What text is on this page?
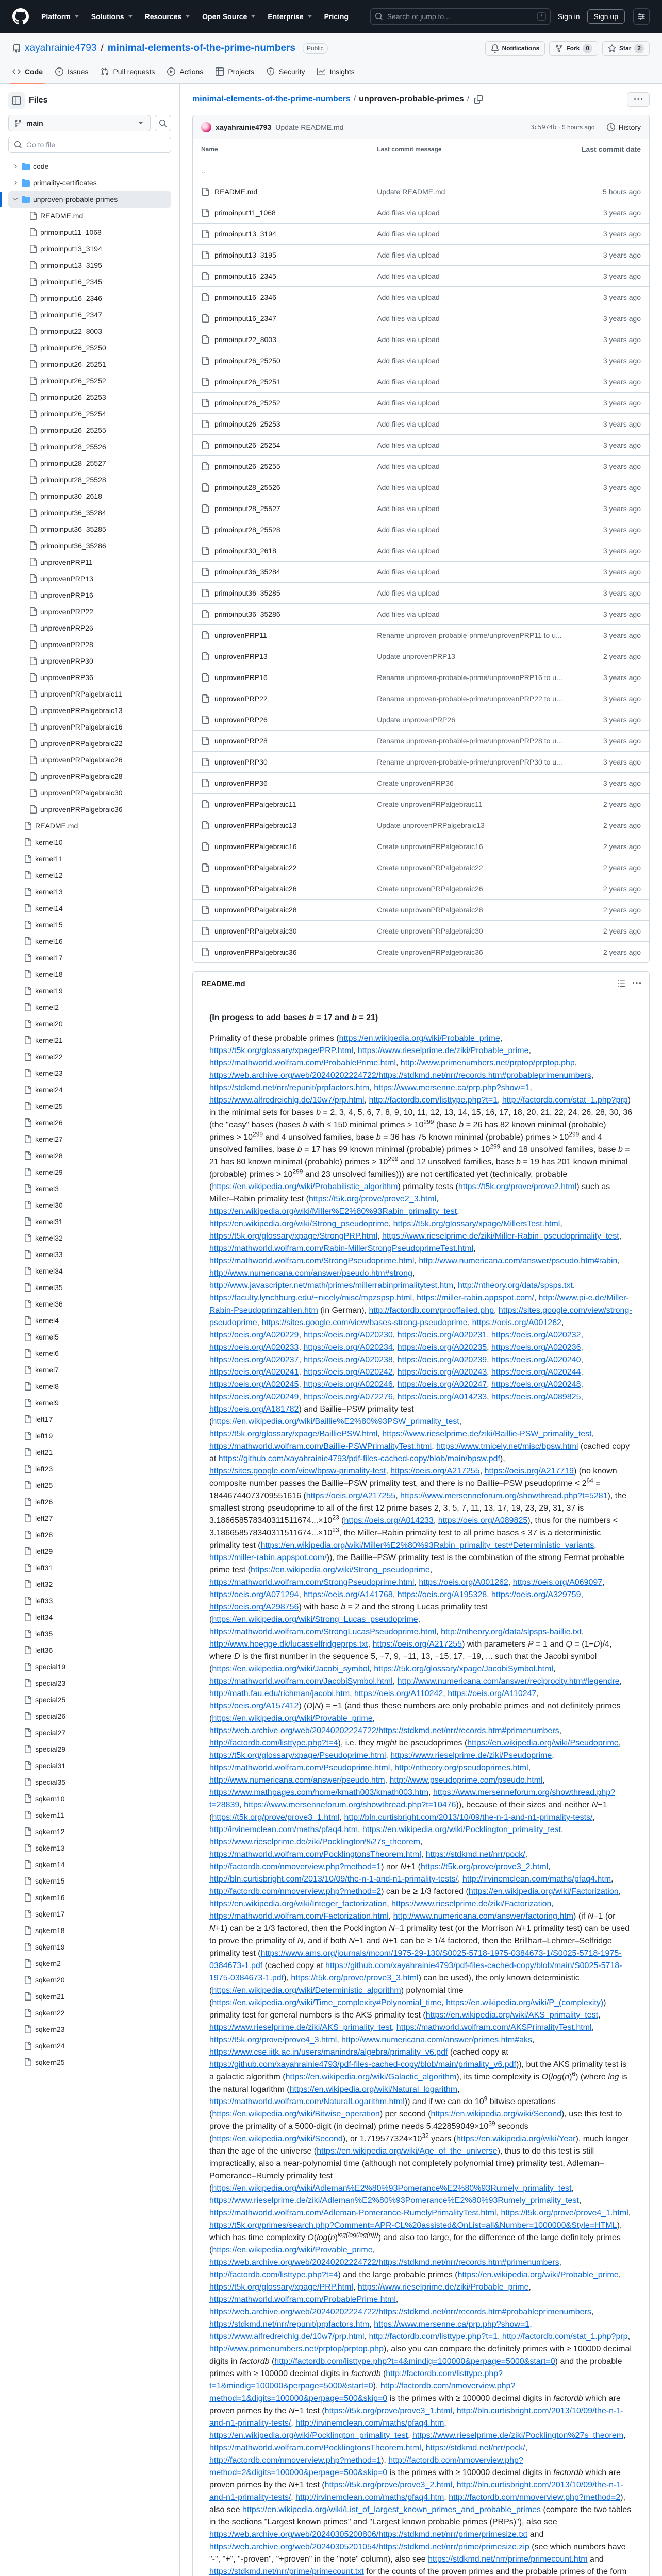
Platform	Solutions	Resources	Open Source	Enterprise	Pricing	Search or jump to...	/	Sign in	Sign up
xayahrainie4793 / minimal-elements-of-the-prime-numbers	Public	Notifications	Fork	0	Star	2
Code	Issues	Pull requests	Actions	Projects	Security	Insights
Files
main
Go to file
code
primality-certificates
unproven-probable-primes
README.md
primoinput11_1068
primoinput13_3194
primoinput13_3195
primoinput16_2345
primoinput16_2346
primoinput16_2347
primoinput22_8003
primoinput26_25250
primoinput26_25251
primoinput26_25252
primoinput26_25253
primoinput26_25254
primoinput26_25255
primoinput28_25526
primoinput28_25527
primoinput28_25528
primoinput30_2618
primoinput36_35284
primoinput36_35285
primoinput36_35286
unprovenPRP11
unprovenPRP13
unprovenPRP16
unprovenPRP22
unprovenPRP26
unprovenPRP28
unprovenPRP30
unprovenPRP36
unprovenPRPalgebraic11
unprovenPRPalgebraic13
unprovenPRPalgebraic16
unprovenPRPalgebraic22
unprovenPRPalgebraic26
unprovenPRPalgebraic28
unprovenPRPalgebraic30
unprovenPRPalgebraic36
README.md
kernel10
kernel11
kernel12
kernel13
kernel14
kernel15
kernel16
kernel17
kernel18
kernel19
kernel2
kernel20
kernel21
kernel22
kernel23
kernel24
kernel25
kernel26
kernel27
kernel28
kernel29
kernel3
kernel30
kernel31
kernel32
kernel33
kernel34
kernel35
kernel36
kernel4
kernel5
kernel6
kernel7
kernel8
kernel9
left17
left19
left21
left23
left25
left26
left27
left28
left29
left31
left32
left33
left34
left35
left36
special19
special23
special25
special26
special27
special29
special31
special35
sqkern10
sqkern11
sqkern12
sqkern13
sqkern14
sqkern15
sqkern16
sqkern17
sqkern18
sqkern19
sqkern2
sqkern20
sqkern21
sqkern22
sqkern23
sqkern24
sqkern25
minimal-elements-of-the-prime-numbers / unproven-probable-primes /
xayahrainie4793 Update README.md	3c5974b · 5 hours ago	History
Name	Last commit message	Last commit date
..
README.md	Update README.md	5 hours ago
primoinput11_1068	Add files via upload	3 years ago
primoinput13_3194	Add files via upload	3 years ago
primoinput13_3195	Add files via upload	3 years ago
primoinput16_2345	Add files via upload	3 years ago
primoinput16_2346	Add files via upload	3 years ago
primoinput16_2347	Add files via upload	3 years ago
primoinput22_8003	Add files via upload	3 years ago
primoinput26_25250	Add files via upload	3 years ago
primoinput26_25251	Add files via upload	3 years ago
primoinput26_25252	Add files via upload	3 years ago
primoinput26_25253	Add files via upload	3 years ago
primoinput26_25254	Add files via upload	3 years ago
primoinput26_25255	Add files via upload	3 years ago
primoinput28_25526	Add files via upload	3 years ago
primoinput28_25527	Add files via upload	3 years ago
primoinput28_25528	Add files via upload	3 years ago
primoinput30_2618	Add files via upload	3 years ago
primoinput36_35284	Add files via upload	3 years ago
primoinput36_35285	Add files via upload	3 years ago
primoinput36_35286	Add files via upload	3 years ago
unprovenPRP11	Rename unproven-probable-prime/unprovenPRP11 to u...	3 years ago
unprovenPRP13	Update unprovenPRP13	2 years ago
unprovenPRP16	Rename unproven-probable-prime/unprovenPRP16 to u...	3 years ago
unprovenPRP22	Rename unproven-probable-prime/unprovenPRP22 to u...	3 years ago
unprovenPRP26	Update unprovenPRP26	3 years ago
unprovenPRP28	Rename unproven-probable-prime/unprovenPRP28 to u...	3 years ago
unprovenPRP30	Rename unproven-probable-prime/unprovenPRP30 to u...	3 years ago
unprovenPRP36	Create unprovenPRP36	3 years ago
unprovenPRPalgebraic11	Create unprovenPRPalgebraic11	2 years ago
unprovenPRPalgebraic13	Update unprovenPRPalgebraic13	2 years ago
unprovenPRPalgebraic16	Create unprovenPRPalgebraic16	2 years ago
unprovenPRPalgebraic22	Create unprovenPRPalgebraic22	2 years ago
unprovenPRPalgebraic26	Create unprovenPRPalgebraic26	2 years ago
unprovenPRPalgebraic28	Create unprovenPRPalgebraic28	2 years ago
unprovenPRPalgebraic30	Create unprovenPRPalgebraic30	2 years ago
unprovenPRPalgebraic36	Create unprovenPRPalgebraic36	2 years ago
README.md

(In progess to add bases b = 17 and b = 21)

Primality of these probable primes (https://en.wikipedia.org/wiki/Probable_prime, https://t5k.org/glossary/xpage/PRP.html, https://www.rieselprime.de/ziki/Probable_prime, https://mathworld.wolfram.com/ProbablePrime.html, http://www.primenumbers.net/prptop/prptop.php, https://web.archive.org/web/20240202224722/https://stdkmd.net/nrr/records.htm#probableprimenumbers, https://stdkmd.net/nrr/repunit/prpfactors.htm, https://www.mersenne.ca/prp.php?show=1, https://www.alfredreichlg.de/10w7/prp.html, http://factordb.com/listtype.php?t=1, http://factordb.com/stat_1.php?prp) in the minimal sets for bases b = 2, 3, 4, 5, 6, 7, 8, 9, 10, 11, 12, 13, 14, 15, 16, 17, 18, 20, 21, 22, 24, 26, 28, 30, 36 (the "easy" bases (bases b with ≤ 150 minimal primes > $10^{299}$ (base b = 26 has 82 known minimal (probable) primes > $10^{299}$ and 4 unsolved families, base b = 36 has 75 known minimal (probable) primes > $10^{299}$ and 4 unsolved families, base b = 17 has 99 known minimal (probable) primes > $10^{299}$ and 18 unsolved families, base b = 21 has 80 known minimal (probable) primes > $10^{299}$ and 12 unsolved families, base b = 19 has 201 known minimal (probable) primes > $10^{299}$ and 23 unsolved families))) are not certificated yet (technically, probable (https://en.wikipedia.org/wiki/Probabilistic_algorithm) primality tests (https://t5k.org/prove/prove2.html) such as Miller–Rabin primality test (https://t5k.org/prove/prove2_3.html, https://en.wikipedia.org/wiki/Miller%E2%80%93Rabin_primality_test, https://en.wikipedia.org/wiki/Strong_pseudoprime, https://t5k.org/glossary/xpage/MillersTest.html, https://t5k.org/glossary/xpage/StrongPRP.html, https://www.rieselprime.de/ziki/Miller-Rabin_pseudoprimality_test, https://mathworld.wolfram.com/Rabin-MillerStrongPseudoprimeTest.html, https://mathworld.wolfram.com/StrongPseudoprime.html, http://www.numericana.com/answer/pseudo.htm#rabin, http://www.numericana.com/answer/pseudo.htm#strong, http://www.javascripter.net/math/primes/millerrabinprimalitytest.htm, http://ntheory.org/data/spsps.txt, https://faculty.lynchburg.edu/~nicely/misc/mpzspsp.html, https://miller-rabin.appspot.com/, http://www.pi-e.de/Miller-Rabin-Pseudoprimzahlen.htm (in German), http://factordb.com/prooffailed.php, https://sites.google.com/view/strong-pseudoprime, https://sites.google.com/view/bases-strong-pseudoprime, https://oeis.org/A001262, https://oeis.org/A020229, https://oeis.org/A020230, https://oeis.org/A020231, https://oeis.org/A020232, https://oeis.org/A020233, https://oeis.org/A020234, https://oeis.org/A020235, https://oeis.org/A020236, https://oeis.org/A020237, https://oeis.org/A020238, https://oeis.org/A020239, https://oeis.org/A020240, https://oeis.org/A020241, https://oeis.org/A020242, https://oeis.org/A020243, https://oeis.org/A020244, https://oeis.org/A020245, https://oeis.org/A020246, https://oeis.org/A020247, https://oeis.org/A020248, https://oeis.org/A020249, https://oeis.org/A072276, https://oeis.org/A014233, https://oeis.org/A089825, https://oeis.org/A181782) and Baillie–PSW primality test (https://en.wikipedia.org/wiki/Baillie%E2%80%93PSW_primality_test, https://t5k.org/glossary/xpage/BailliePSW.html, https://www.rieselprime.de/ziki/Baillie-PSW_primality_test, https://mathworld.wolfram.com/Baillie-PSWPrimalityTest.html, https://www.trnicely.net/misc/bpsw.html (cached copy at https://github.com/xayahrainie4793/pdf-files-cached-copy/blob/main/bpsw.pdf), https://sites.google.com/view/bpsw-primality-test, https://oeis.org/A217255, https://oeis.org/A217719) (no known composite number passes the Baillie–PSW primality test, and there is no Baillie–PSW pseudoprime < $2^{64} = 18446744073709551616$ (https://oeis.org/A217255, https://www.mersenneforum.org/showthread.php?t=5281), the smallest strong pseudoprime to all of the first 12 prime bases 2, 3, 5, 7, 11, 13, 17, 19, 23, 29, 31, 37 is $3.186658578340311511674...\times 10^{23}$ (https://oeis.org/A014233, https://oeis.org/A089825), thus for the numbers < $3.186658578340311511674...\times 10^{23}$, the Miller–Rabin primality test to all prime bases ≤ 37 is a deterministic primality test (https://en.wikipedia.org/wiki/Miller%E2%80%93Rabin_primality_test#Deterministic_variants, https://miller-rabin.appspot.com/)), the Baillie–PSW primality test is the combination of the strong Fermat probable prime test (https://en.wikipedia.org/wiki/Strong_pseudoprime, https://mathworld.wolfram.com/StrongPseudoprime.html, https://oeis.org/A001262, https://oeis.org/A069097, https://oeis.org/A071294, https://oeis.org/A141768, https://oeis.org/A195328, https://oeis.org/A329759, https://oeis.org/A298756) with base b = 2 and the strong Lucas primality test (https://en.wikipedia.org/wiki/Strong_Lucas_pseudoprime, https://mathworld.wolfram.com/StrongLucasPseudoprime.html, http://ntheory.org/data/slpsps-baillie.txt, http://www.hoegge.dk/lucasselfridgeprps.txt, https://oeis.org/A217255) with parameters P = 1 and Q = (1−D)/4, where D is the first number in the sequence 5, −7, 9, −11, 13, −15, 17, −19, ... such that the Jacobi symbol (https://en.wikipedia.org/wiki/Jacobi_symbol, https://t5k.org/glossary/xpage/JacobiSymbol.html, https://mathworld.wolfram.com/JacobiSymbol.html, http://www.numericana.com/answer/reciprocity.htm#legendre, http://math.fau.edu/richman/jacobi.htm, https://oeis.org/A110242, https://oeis.org/A110247, https://oeis.org/A157412) (D|N) = −1 (and thus these numbers are only probable primes and not definitely primes (https://en.wikipedia.org/wiki/Provable_prime, https://web.archive.org/web/20240202224722/https://stdkmd.net/nrr/records.htm#primenumbers, http://factordb.com/listtype.php?t=4), i.e. they might be pseudoprimes (https://en.wikipedia.org/wiki/Pseudoprime, https://t5k.org/glossary/xpage/Pseudoprime.html, https://www.rieselprime.de/ziki/Pseudoprime, https://mathworld.wolfram.com/Pseudoprime.html, http://ntheory.org/pseudoprimes.html, http://www.numericana.com/answer/pseudo.htm, http://www.pseudoprime.com/pseudo.html, https://www.mathpages.com/home/kmath003/kmath003.htm, https://www.mersenneforum.org/showthread.php?t=28839, https://www.mersenneforum.org/showthread.php?t=10476)), because of their sizes and neither N−1 (https://t5k.org/prove/prove3_1.html, http://bln.curtisbright.com/2013/10/09/the-n-1-and-n1-primality-tests/, http://irvinemclean.com/maths/pfaq4.htm, https://en.wikipedia.org/wiki/Pocklington_primality_test, https://www.rieselprime.de/ziki/Pocklington%27s_theorem, https://mathworld.wolfram.com/PocklingtonsTheorem.html, https://stdkmd.net/nrr/pock/, http://factordb.com/nmoverview.php?method=1) nor N+1 (https://t5k.org/prove/prove3_2.html, http://bln.curtisbright.com/2013/10/09/the-n-1-and-n1-primality-tests/, http://irvinemclean.com/maths/pfaq4.htm, http://factordb.com/nmoverview.php?method=2) can be ≥ 1/3 factored (https://en.wikipedia.org/wiki/Factorization, https://en.wikipedia.org/wiki/Integer_factorization, https://www.rieselprime.de/ziki/Factorization, https://mathworld.wolfram.com/Factorization.html, http://www.numericana.com/answer/factoring.htm) (if N−1 (or N+1) can be ≥ 1/3 factored, then the Pocklington N−1 primality test (or the Morrison N+1 primality test) can be used to prove the primality of N, and if both N−1 and N+1 can be ≥ 1/4 factored, then the Brillhart–Lehmer–Selfridge primality test (https://www.ams.org/journals/mcom/1975-29-130/S0025-5718-1975-0384673-1/S0025-5718-1975-0384673-1.pdf (cached copy at https://github.com/xayahrainie4793/pdf-files-cached-copy/blob/main/S0025-5718-1975-0384673-1.pdf), https://t5k.org/prove/prove3_3.html) can be used), the only known deterministic (https://en.wikipedia.org/wiki/Deterministic_algorithm) polynomial time (https://en.wikipedia.org/wiki/Time_complexity#Polynomial_time, https://en.wikipedia.org/wiki/P_(complexity)) primality test for general numbers is the AKS primality test (https://en.wikipedia.org/wiki/AKS_primality_test, https://www.rieselprime.de/ziki/AKS_primality_test, https://mathworld.wolfram.com/AKSPrimalityTest.html, https://t5k.org/prove/prove4_3.html, http://www.numericana.com/answer/primes.htm#aks, https://www.cse.iitk.ac.in/users/manindra/algebra/primality_v6.pdf (cached copy at https://github.com/xayahrainie4793/pdf-files-cached-copy/blob/main/primality_v6.pdf)), but the AKS primality test is a galactic algorithm (https://en.wikipedia.org/wiki/Galactic_algorithm), its time complexity is $O(\log(n)^6)$ (where log is the natural logarithm (https://en.wikipedia.org/wiki/Natural_logarithm, https://mathworld.wolfram.com/NaturalLogarithm.html)) and if we can do $10^9$ bitwise operations (https://en.wikipedia.org/wiki/Bitwise_operation) per second (https://en.wikipedia.org/wiki/Second), use this test to prove the primality of a 5000-digit (in decimal) prime needs $5.422859049\times 10^{39}$ seconds (https://en.wikipedia.org/wiki/Second), or $1.719577324\times 10^{32}$ years (https://en.wikipedia.org/wiki/Year), much longer than the age of the universe (https://en.wikipedia.org/wiki/Age_of_the_universe), thus to do this test is still impractically, also a near-polynomial time (although not completely polynomial time) primality test, Adleman–Pomerance–Rumely primality test (https://en.wikipedia.org/wiki/Adleman%E2%80%93Pomerance%E2%80%93Rumely_primality_test, https://www.rieselprime.de/ziki/Adleman%E2%80%93Pomerance%E2%80%93Rumely_primality_test, https://mathworld.wolfram.com/Adleman-Pomerance-RumelyPrimalityTest.html, https://t5k.org/prove/prove4_1.html, https://t5k.org/primes/search.php?Comment=APR-CL%20assisted&OnList=all&Number=1000000&Style=HTML), which has time complexity $O(\log(n)^{log(log(log(n)))})$ and also too large, for the difference of the large definitely primes (https://en.wikipedia.org/wiki/Provable_prime, https://web.archive.org/web/20240202224722/https://stdkmd.net/nrr/records.htm#primenumbers, http://factordb.com/listtype.php?t=4) and the large probable primes (https://en.wikipedia.org/wiki/Probable_prime, https://t5k.org/glossary/xpage/PRP.html, https://www.rieselprime.de/ziki/Probable_prime, https://mathworld.wolfram.com/ProbablePrime.html, https://web.archive.org/web/20240202224722/https://stdkmd.net/nrr/records.htm#probableprimenumbers, https://stdkmd.net/nrr/repunit/prpfactors.htm, https://www.mersenne.ca/prp.php?show=1, https://www.alfredreichlg.de/10w7/prp.html, http://factordb.com/listtype.php?t=1, http://factordb.com/stat_1.php?prp, http://www.primenumbers.net/prptop/prptop.php), also you can compare the definitely primes with ≥ 100000 decimal digits in factordb (http://factordb.com/listtype.php?t=4&mindig=100000&perpage=5000&start=0) and the probable primes with ≥ 100000 decimal digits in factordb (http://factordb.com/listtype.php?t=1&mindig=100000&perpage=5000&start=0), http://factordb.com/nmoverview.php?method=1&digits=100000&perpage=500&skip=0 is the primes with ≥ 100000 decimal digits in factordb which are proven primes by the N−1 test (https://t5k.org/prove/prove3_1.html, http://bln.curtisbright.com/2013/10/09/the-n-1-and-n1-primality-tests/, http://irvinemclean.com/maths/pfaq4.htm, https://en.wikipedia.org/wiki/Pocklington_primality_test, https://www.rieselprime.de/ziki/Pocklington%27s_theorem, https://mathworld.wolfram.com/PocklingtonsTheorem.html, https://stdkmd.net/nrr/pock/, http://factordb.com/nmoverview.php?method=1), http://factordb.com/nmoverview.php?method=2&digits=100000&perpage=500&skip=0 is the primes with ≥ 100000 decimal digits in factordb which are proven primes by the N+1 test (https://t5k.org/prove/prove3_2.html, http://bln.curtisbright.com/2013/10/09/the-n-1-and-n1-primality-tests/, http://irvinemclean.com/maths/pfaq4.htm, http://factordb.com/nmoverview.php?method=2), also see https://en.wikipedia.org/wiki/List_of_largest_known_primes_and_probable_primes (compare the two tables in the sections "Largest known primes" and "Largest known probable primes (PRPs)"), also see https://web.archive.org/web/20240305200806/https://stdkmd.net/nrr/prime/primesize.txt and https://web.archive.org/web/20240305201054/https://stdkmd.net/nrr/prime/primesize.zip (see which numbers have "-", "+", "-proven", "+proven" in the "note" column), also see https://stdkmd.net/nrr/prime/primecount.htm and https://stdkmd.net/nrr/prime/primecount.txt for the counts of the proven primes and the probable primes of the form
